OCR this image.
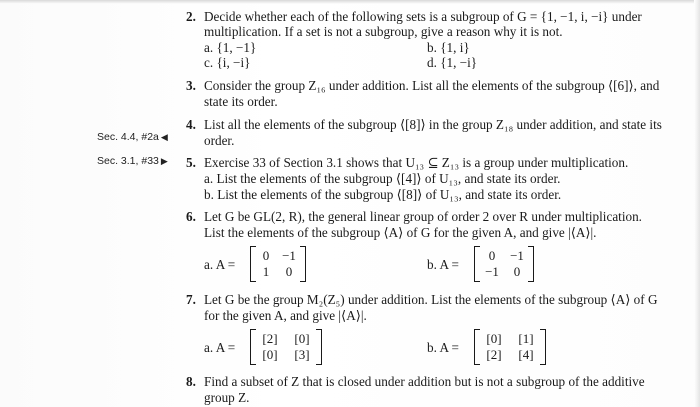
Sec. 4.4, #2a ◀
Sec. 3.1, #33 ▶
2. Decide whether each of the following sets is a subgroup of G = {1, −1, i, −i} under
multiplication. If a set is not a subgroup, give a reason why it is not.
a. {1, −1}	b. {1, i}
c. {i, −i}	d. {1, −i}
3. Consider the group Z₁₆ under addition. List all the elements of the subgroup ⟨[6]⟩, and
state its order.
4. List all the elements of the subgroup ⟨[8]⟩ in the group Z₁₈ under addition, and state its
order.
5. Exercise 33 of Section 3.1 shows that U₁₃ ⊆ Z₁₃ is a group under multiplication.
a. List the elements of the subgroup ⟨[4]⟩ of U₁₃, and state its order.
b. List the elements of the subgroup ⟨[8]⟩ of U₁₃, and state its order.
6. Let G be GL(2, R), the general linear group of order 2 over R under multiplication.
List the elements of the subgroup ⟨A⟩ of G for the given A, and give |⟨A⟩|.
a. A =
0 −1
1	0	b. A =
0	−1
−1	0
7. Let G be the group M₂(Z₅) under addition. List the elements of the subgroup ⟨A⟩ of G
for the given A, and give |⟨A⟩|.
a. A =
[2]	[0]
[0]	[3]	b. A =
[0]	[1]
[2]	[4]
8. Find a subset of Z that is closed under addition but is not a subgroup of the additive
group Z.
